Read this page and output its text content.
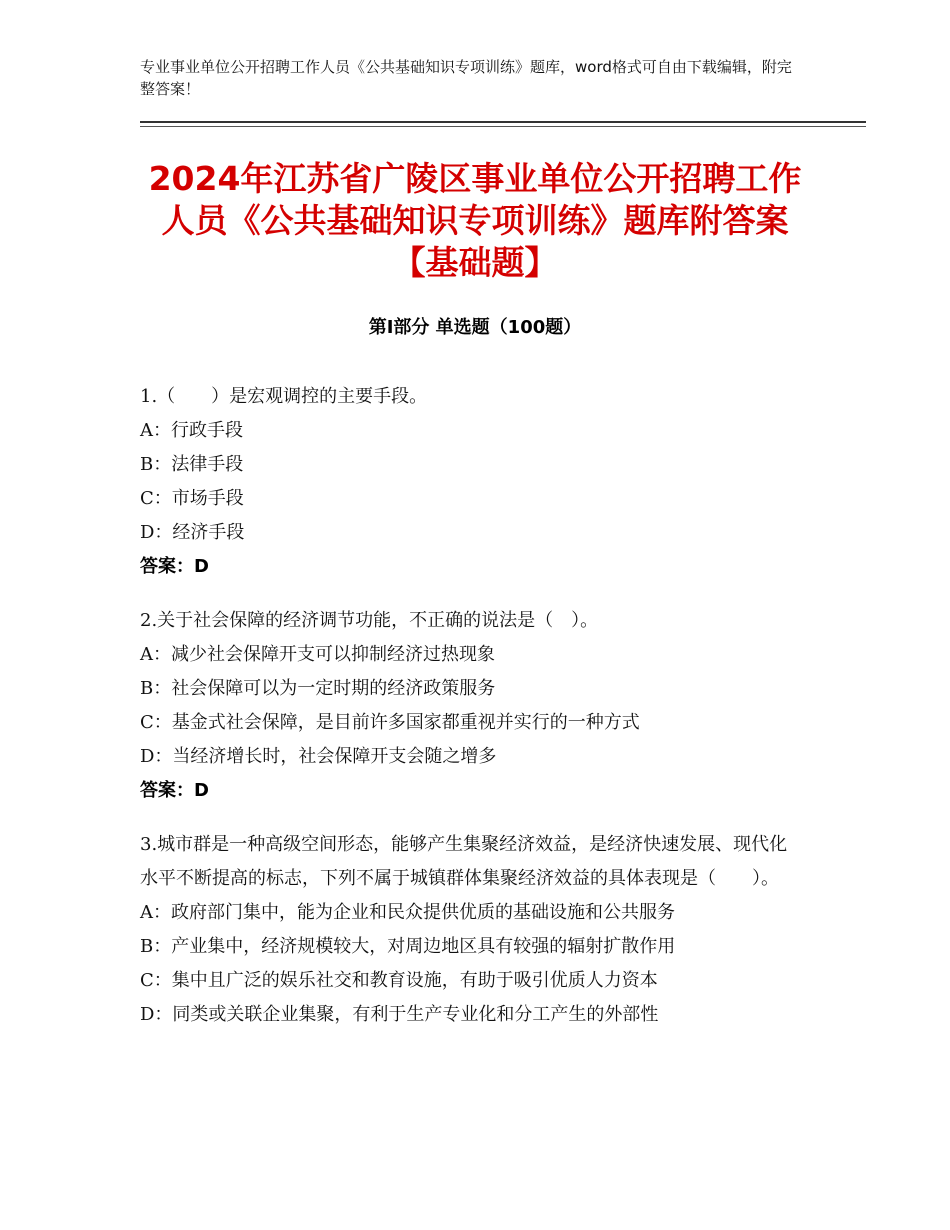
专业事业单位公开招聘工作人员《公共基础知识专项训练》题库，word格式可自由下载编辑，附完整答案！
2024年江苏省广陵区事业单位公开招聘工作人员《公共基础知识专项训练》题库附答案【基础题】
第I部分 单选题（100题）
1.（　　）是宏观调控的主要手段。
A：行政手段
B：法律手段
C：市场手段
D：经济手段
答案：D
2.关于社会保障的经济调节功能，不正确的说法是（　）。
A：减少社会保障开支可以抑制经济过热现象
B：社会保障可以为一定时期的经济政策服务
C：基金式社会保障，是目前许多国家都重视并实行的一种方式
D：当经济增长时，社会保障开支会随之增多
答案：D
3.城市群是一种高级空间形态，能够产生集聚经济效益，是经济快速发展、现代化水平不断提高的标志，下列不属于城镇群体集聚经济效益的具体表现是（　　）。
A：政府部门集中，能为企业和民众提供优质的基础设施和公共服务
B：产业集中，经济规模较大，对周边地区具有较强的辐射扩散作用
C：集中且广泛的娱乐社交和教育设施，有助于吸引优质人力资本
D：同类或关联企业集聚，有利于生产专业化和分工产生的外部性
